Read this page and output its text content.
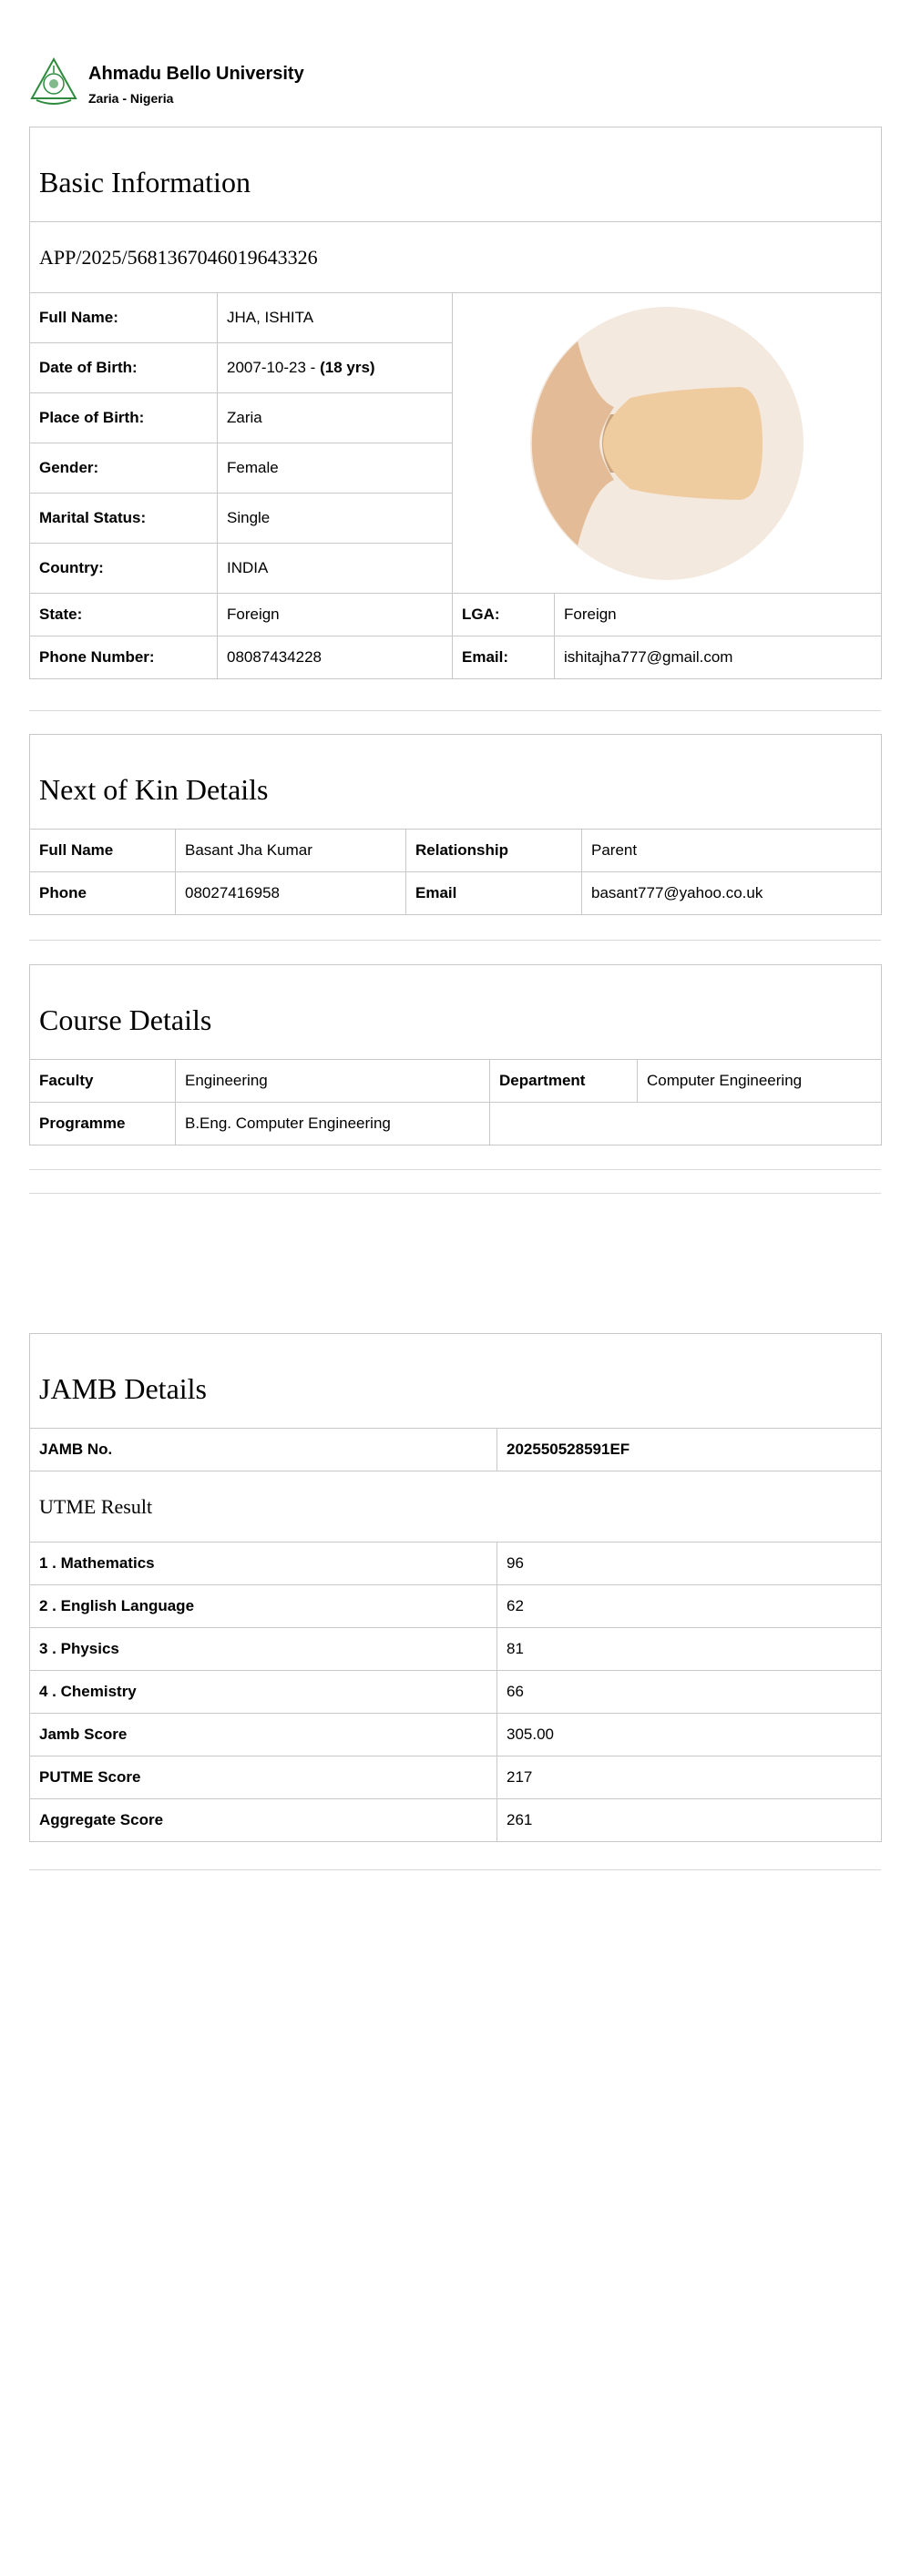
Ahmadu Bello University
Zaria - Nigeria
Basic Information			
APP/2025/5681367046019643326			
Full Name:	JHA, ISHITA	

Date of Birth:	2007-10-23 - (18 yrs)		
Place of Birth:	Zaria		
Gender:	Female		
Marital Status:	Single		
Country:	INDIA		
State:	Foreign	LGA:	Foreign
Phone Number:	08087434228	Email:	ishitajha777@gmail.com
Next of Kin Details			
Full Name	Basant Jha Kumar	Relationship	Parent
Phone	08027416958	Email	basant777@yahoo.co.uk
Course Details			
Faculty	Engineering	Department	Computer Engineering
Programme	B.Eng. Computer Engineering		
JAMB Details	
JAMB No.	202550528591EF
UTME Result	
1 . Mathematics	96
2 . English Language	62
3 . Physics	81
4 . Chemistry	66
Jamb Score	305.00
PUTME Score	217
Aggregate Score	261
